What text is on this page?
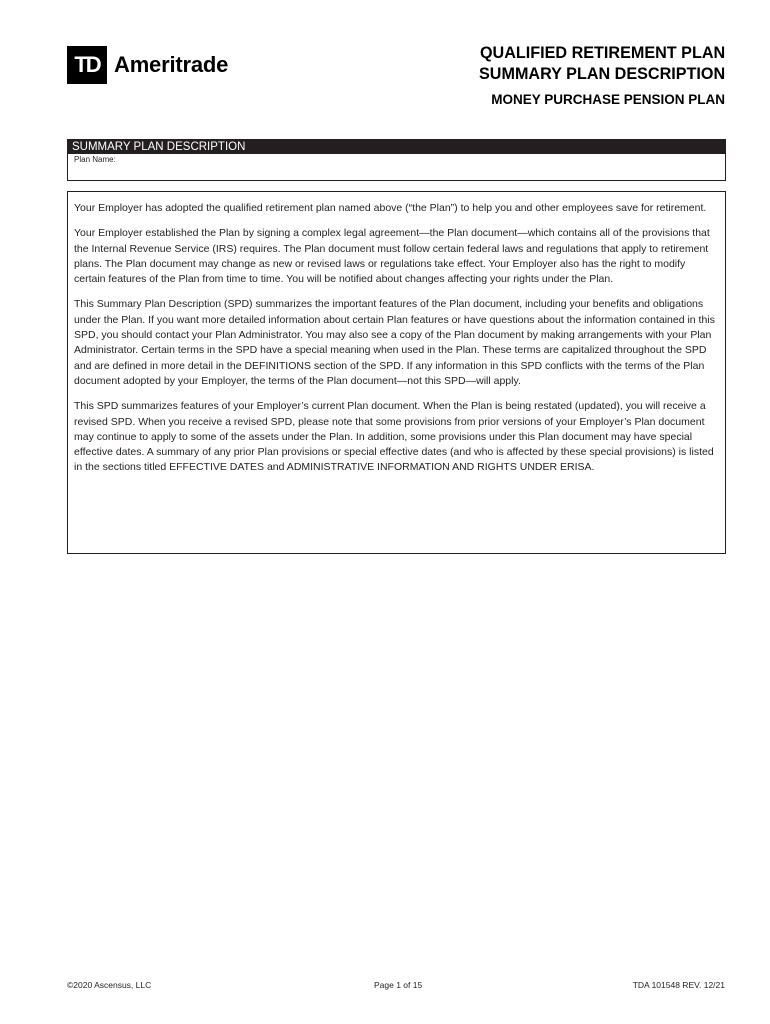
TD Ameritrade	QUALIFIED RETIREMENT PLAN
SUMMARY PLAN DESCRIPTION
MONEY PURCHASE PENSION PLAN
SUMMARY PLAN DESCRIPTION
Plan Name:

Your Employer has adopted the qualified retirement plan named above (“the Plan”) to help you and other employees save for retirement.

Your Employer established the Plan by signing a complex legal agreement—the Plan document—which contains all of the provisions that the Internal Revenue Service (IRS) requires. The Plan document must follow certain federal laws and regulations that apply to retirement plans. The Plan document may change as new or revised laws or regulations take effect. Your Employer also has the right to modify certain features of the Plan from time to time. You will be notified about changes affecting your rights under the Plan.

This Summary Plan Description (SPD) summarizes the important features of the Plan document, including your benefits and obligations under the Plan. If you want more detailed information about certain Plan features or have questions about the information contained in this SPD, you should contact your Plan Administrator. You may also see a copy of the Plan document by making arrangements with your Plan Administrator. Certain terms in the SPD have a special meaning when used in the Plan. These terms are capitalized throughout the SPD and are defined in more detail in the DEFINITIONS section of the SPD. If any information in this SPD conflicts with the terms of the Plan document adopted by your Employer, the terms of the Plan document—not this SPD—will apply.

This SPD summarizes features of your Employer’s current Plan document. When the Plan is being restated (updated), you will receive a revised SPD. When you receive a revised SPD, please note that some provisions from prior versions of your Employer’s Plan document may continue to apply to some of the assets under the Plan. In addition, some provisions under this Plan document may have special effective dates. A summary of any prior Plan provisions or special effective dates (and who is affected by these special provisions) is listed in the sections titled EFFECTIVE DATES and ADMINISTRATIVE INFORMATION AND RIGHTS UNDER ERISA.

©2020 Ascensus, LLC	Page 1 of 15	TDA 101548 REV. 12/21
